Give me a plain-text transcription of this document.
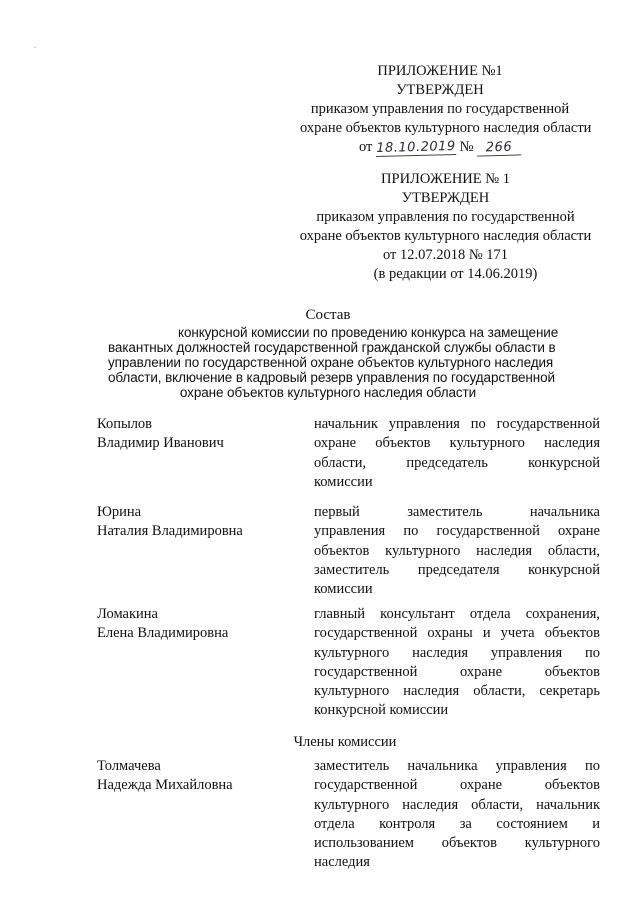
.
ПРИЛОЖЕНИЕ №1
УТВЕРЖДЕН
приказом управления по государственной
охране объектов культурного наследия области
от 18.10.2019 № 266
ПРИЛОЖЕНИЕ № 1
УТВЕРЖДЕН
приказом управления по государственной
охране объектов культурного наследия области
от 12.07.2018 № 171
(в редакции от 14.06.2019)
Состав
конкурсной комиссии по проведению конкурса на замещение
вакантных должностей государственной гражданской службы области в
управлении по государственной охране объектов культурного наследия
области, включение в кадровый резерв управления по государственной
охране объектов культурного наследия области
Копылов
Владимир Иванович
начальник управления по государственной
охране объектов культурного наследия
области, председатель конкурсной
комиссии
Юрина
Наталия Владимировна
первый заместитель начальника
управления по государственной охране
объектов культурного наследия области,
заместитель председателя конкурсной
комиссии
Ломакина
Елена Владимировна
главный консультант отдела сохранения,
государственной охраны и учета объектов
культурного наследия управления по
государственной охране объектов
культурного наследия области, секретарь
конкурсной комиссии
Члены комиссии
Толмачева
Надежда Михайловна
заместитель начальника управления по
государственной охране объектов
культурного наследия области, начальник
отдела контроля за состоянием и
использованием объектов культурного
наследия
